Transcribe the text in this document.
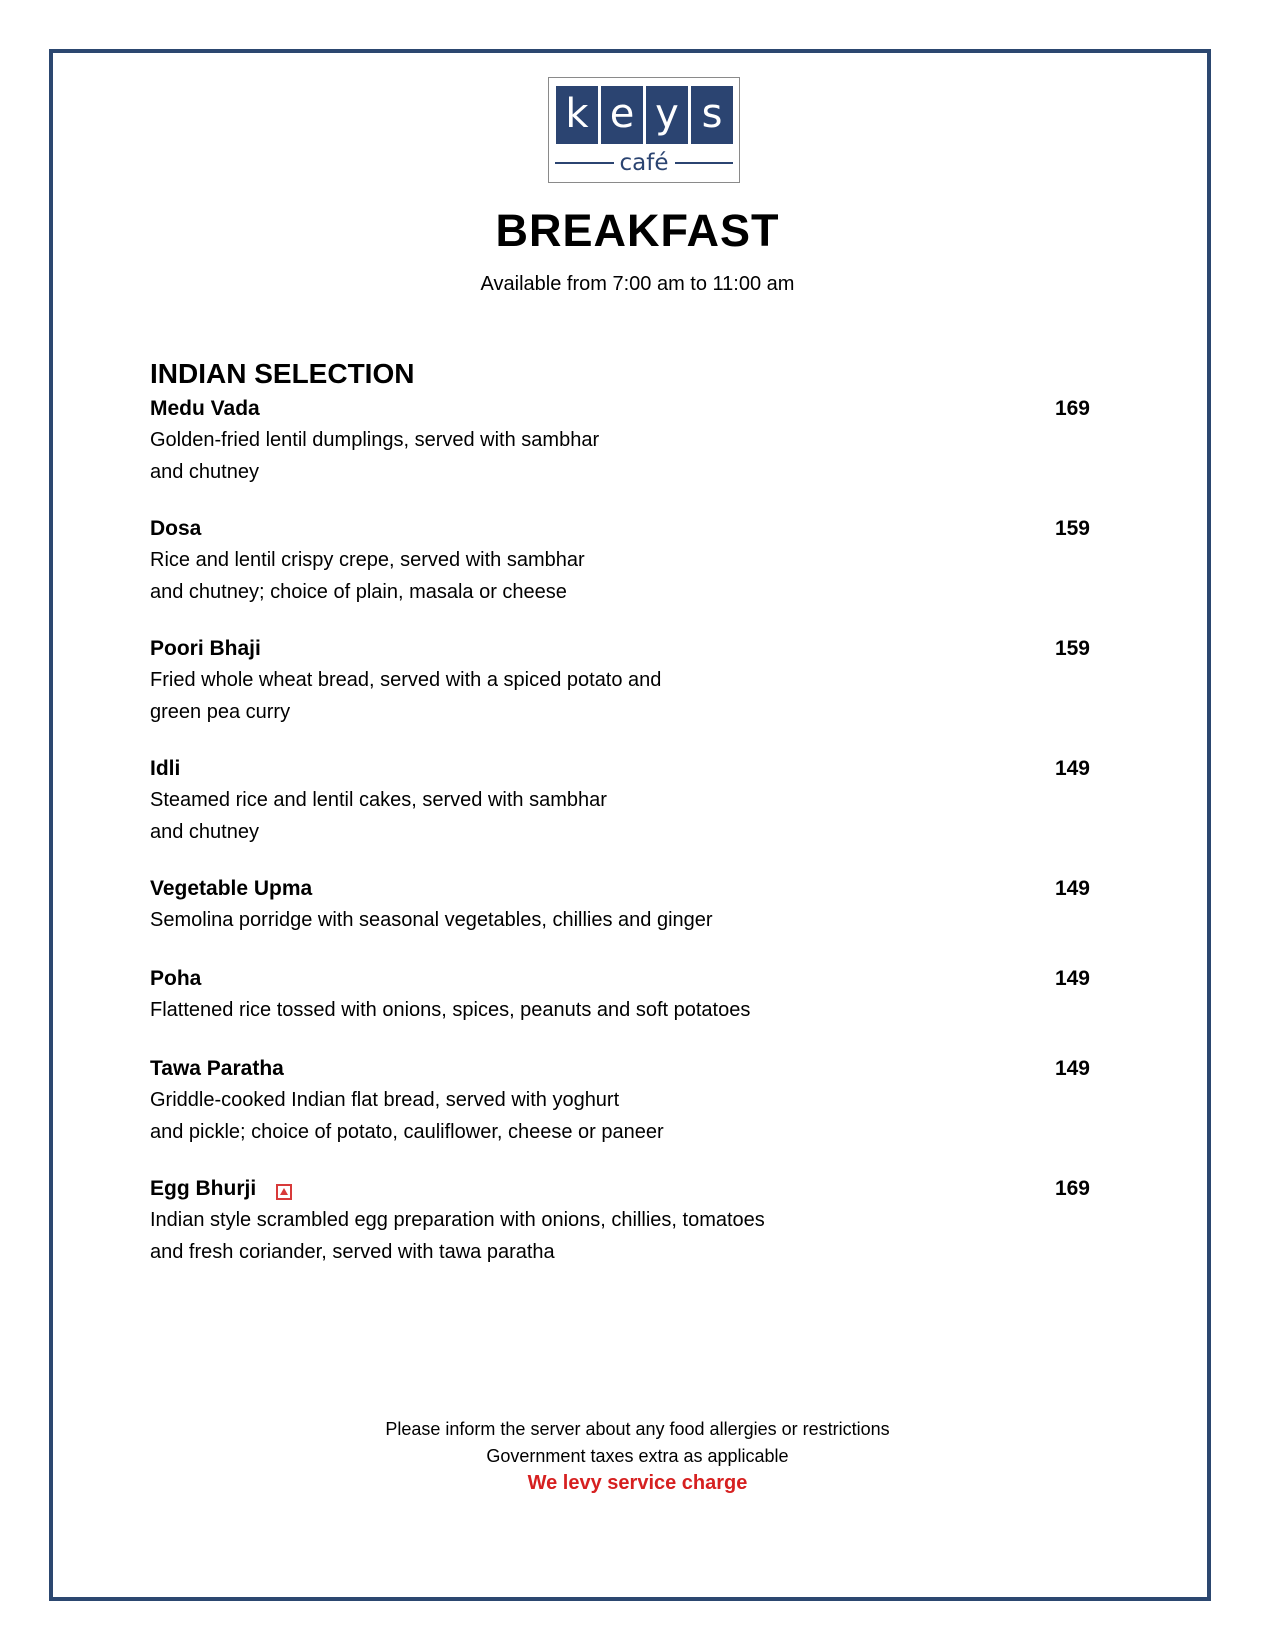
k e y s
café
BREAKFAST
Available from 7:00 am to 11:00 am
INDIAN SELECTION
Medu Vada	169
Golden-fried lentil dumplings, served with sambhar
and chutney
Dosa	159
Rice and lentil crispy crepe, served with sambhar
and chutney; choice of plain, masala or cheese
Poori Bhaji	159
Fried whole wheat bread, served with a spiced potato and
green pea curry
Idli	149
Steamed rice and lentil cakes, served with sambhar
and chutney
Vegetable Upma	149
Semolina porridge with seasonal vegetables, chillies and ginger
Poha	149
Flattened rice tossed with onions, spices, peanuts and soft potatoes
Tawa Paratha	149
Griddle-cooked Indian flat bread, served with yoghurt
and pickle; choice of potato, cauliflower, cheese or paneer
Egg Bhurji	169
Indian style scrambled egg preparation with onions, chillies, tomatoes
and fresh coriander, served with tawa paratha
Please inform the server about any food allergies or restrictions
Government taxes extra as applicable
We levy service charge
